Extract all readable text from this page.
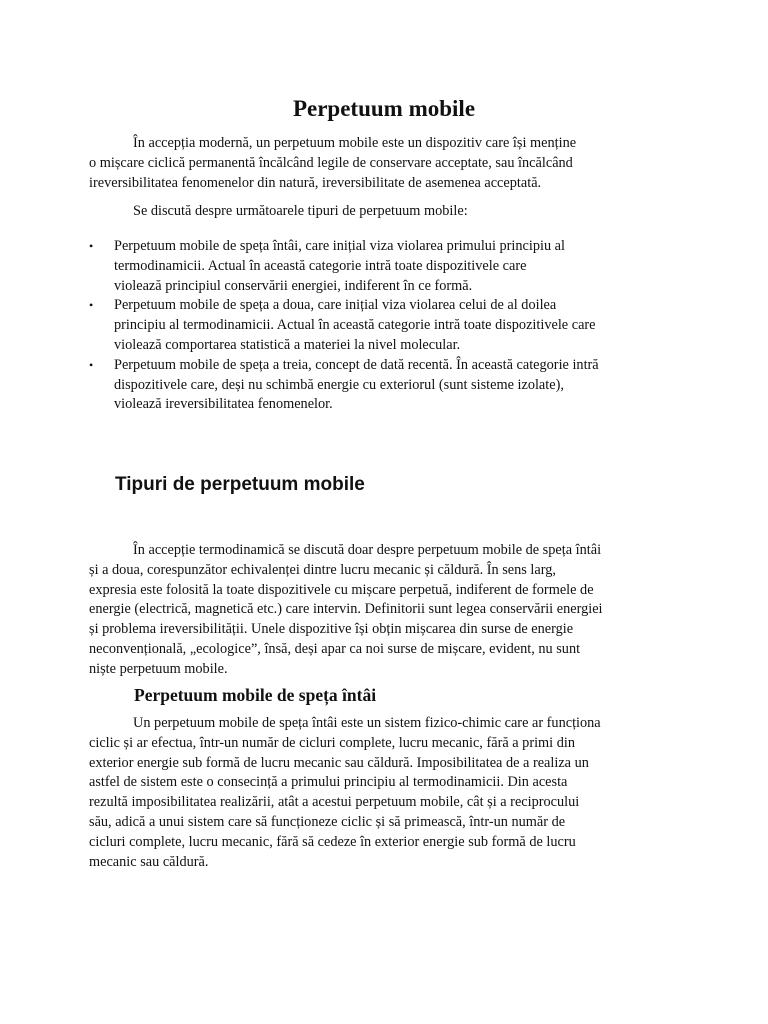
Perpetuum mobile
În accepția modernă, un perpetuum mobile este un dispozitiv care își menține
o mișcare ciclică permanentă încălcând legile de conservare acceptate, sau încălcând
ireversibilitatea fenomenelor din natură, ireversibilitate de asemenea acceptată.
Se discută despre următoarele tipuri de perpetuum mobile:
• Perpetuum mobile de speța întâi, care inițial viza violarea primului principiu al
termodinamicii. Actual în această categorie intră toate dispozitivele care
violează principiul conservării energiei, indiferent în ce formă.
• Perpetuum mobile de speța a doua, care inițial viza violarea celui de al doilea
principiu al termodinamicii. Actual în această categorie intră toate dispozitivele care
violează comportarea statistică a materiei la nivel molecular.
• Perpetuum mobile de speța a treia, concept de dată recentă. În această categorie intră
dispozitivele care, deși nu schimbă energie cu exteriorul (sunt sisteme izolate),
violează ireversibilitatea fenomenelor.
Tipuri de perpetuum mobile
În accepție termodinamică se discută doar despre perpetuum mobile de speța întâi
și a doua, corespunzător echivalenței dintre lucru mecanic și căldură. În sens larg,
expresia este folosită la toate dispozitivele cu mișcare perpetuă, indiferent de formele de
energie (electrică, magnetică etc.) care intervin. Definitorii sunt legea conservării energiei
și problema ireversibilității. Unele dispozitive își obțin mișcarea din surse de energie
neconvențională, „ecologice”, însă, deși apar ca noi surse de mișcare, evident, nu sunt
niște perpetuum mobile.
Perpetuum mobile de speța întâi
Un perpetuum mobile de speța întâi este un sistem fizico-chimic care ar funcționa
ciclic și ar efectua, într-un număr de cicluri complete, lucru mecanic, fără a primi din
exterior energie sub formă de lucru mecanic sau căldură. Imposibilitatea de a realiza un
astfel de sistem este o consecință a primului principiu al termodinamicii. Din acesta
rezultă imposibilitatea realizării, atât a acestui perpetuum mobile, cât și a reciprocului
său, adică a unui sistem care să funcționeze ciclic și să primească, într-un număr de
cicluri complete, lucru mecanic, fără să cedeze în exterior energie sub formă de lucru
mecanic sau căldură.
